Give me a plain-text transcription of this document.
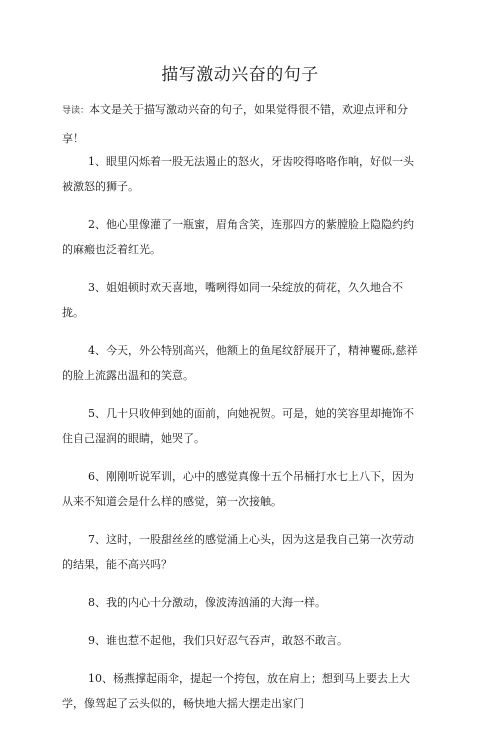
描写激动兴奋的句子
导读：本文是关于描写激动兴奋的句子，如果觉得很不错，欢迎点评和分享！
1、眼里闪烁着一股无法遏止的怒火，牙齿咬得咯咯作响，好似一头被激怒的狮子。
2、他心里像灌了一瓶蜜，眉角含笑，连那四方的紫膛脸上隐隐约约的麻瘢也泛着红光。
3、姐姐顿时欢天喜地，嘴咧得如同一朵绽放的荷花，久久地合不拢。
4、今天，外公特别高兴，他额上的鱼尾纹舒展开了，精神矍砾,慈祥的脸上流露出温和的笑意。
5、几十只收伸到她的面前，向她祝贺。可是，她的笑容里却掩饰不住自己湿润的眼睛，她哭了。
6、刚刚听说军训，心中的感觉真像十五个吊桶打水七上八下，因为从来不知道会是什么样的感觉，第一次接触。
7、这时，一股甜丝丝的感觉涌上心头，因为这是我自己第一次劳动的结果，能不高兴吗？
8、我的内心十分激动，像波涛汹涌的大海一样。
9、谁也惹不起他，我们只好忍气吞声，敢怒不敢言。
10、杨燕撑起雨伞，提起一个挎包，放在肩上；想到马上要去上大学，像驾起了云头似的，畅快地大摇大摆走出家门
